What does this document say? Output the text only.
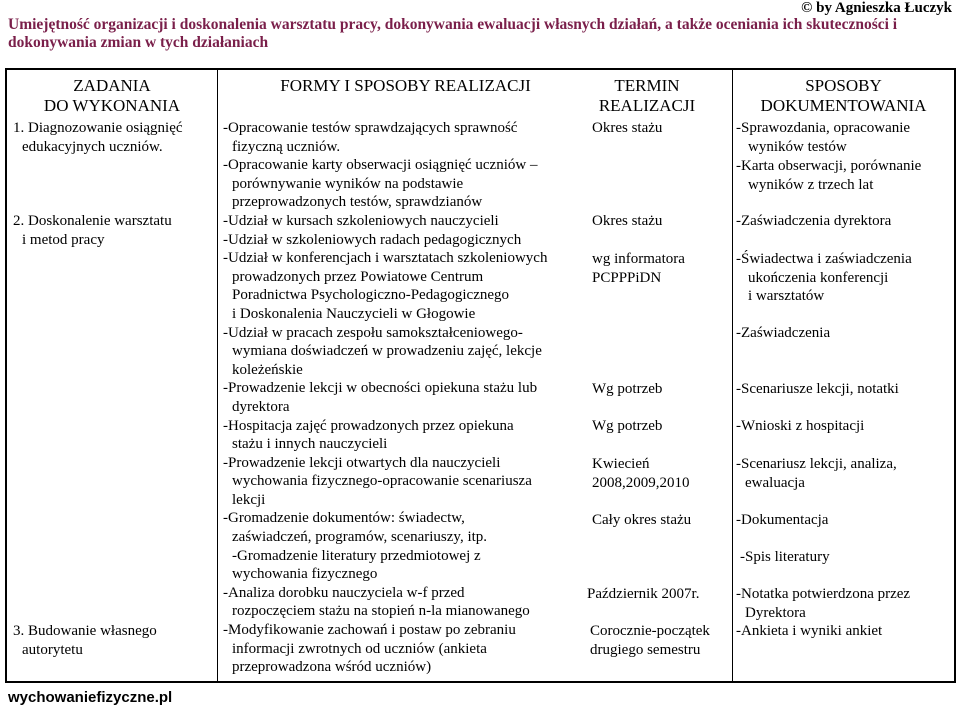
© by Agnieszka Łuczyk
Umiejętność organizacji i doskonalenia warsztatu pracy, dokonywania ewaluacji własnych działań, a także oceniania ich skuteczności i dokonywania zmian w tych działaniach
ZADANIA
DO WYKONANIA
FORMY I SPOSOBY REALIZACJI	TERMIN
REALIZACJI
SPOSOBY
DOKUMENTOWANIA
1. Diagnozowanie osiągnięć
edukacyjnych uczniów.
2. Doskonalenie warsztatu
i metod pracy
3. Budowanie własnego
autorytetu
-Opracowanie testów sprawdzających sprawność
fizyczną uczniów.
-Opracowanie karty obserwacji osiągnięć uczniów –
porównywanie wyników na podstawie
przeprowadzonych testów, sprawdzianów
-Udział w kursach szkoleniowych nauczycieli
-Udział w szkoleniowych radach pedagogicznych
-Udział w konferencjach i warsztatach szkoleniowych
prowadzonych przez Powiatowe Centrum
Poradnictwa Psychologiczno-Pedagogicznego
i Doskonalenia Nauczycieli w Głogowie
-Udział w pracach zespołu samokształceniowego-
wymiana doświadczeń w prowadzeniu zajęć, lekcje
koleżeńskie
-Prowadzenie lekcji w obecności opiekuna stażu lub
dyrektora
-Hospitacja zajęć prowadzonych przez opiekuna
stażu i innych nauczycieli
-Prowadzenie lekcji otwartych dla nauczycieli
wychowania fizycznego-opracowanie scenariusza
lekcji
-Gromadzenie dokumentów: świadectw,
zaświadczeń, programów, scenariuszy, itp.
-Gromadzenie literatury przedmiotowej z
wychowania fizycznego
-Analiza dorobku nauczyciela w-f przed
rozpoczęciem stażu na stopień n-la mianowanego
-Modyfikowanie zachowań i postaw po zebraniu
informacji zwrotnych od uczniów (ankieta
przeprowadzona wśród uczniów)
Okres stażu
Okres stażu
wg informatora
PCPPPiDN
Wg potrzeb
Wg potrzeb
Kwiecień
2008,2009,2010
Cały okres stażu
Październik 2007r.
Corocznie-początek
drugiego semestru
-Sprawozdania, opracowanie
wyników testów
-Karta obserwacji, porównanie
wyników z trzech lat
-Zaświadczenia dyrektora
-Świadectwa i zaświadczenia
ukończenia konferencji
i warsztatów
-Zaświadczenia
-Scenariusze lekcji, notatki
-Wnioski z hospitacji
-Scenariusz lekcji, analiza,
ewaluacja
-Dokumentacja
-Spis literatury
-Notatka potwierdzona przez
Dyrektora
-Ankieta i wyniki ankiet
wychowaniefizyczne.pl
